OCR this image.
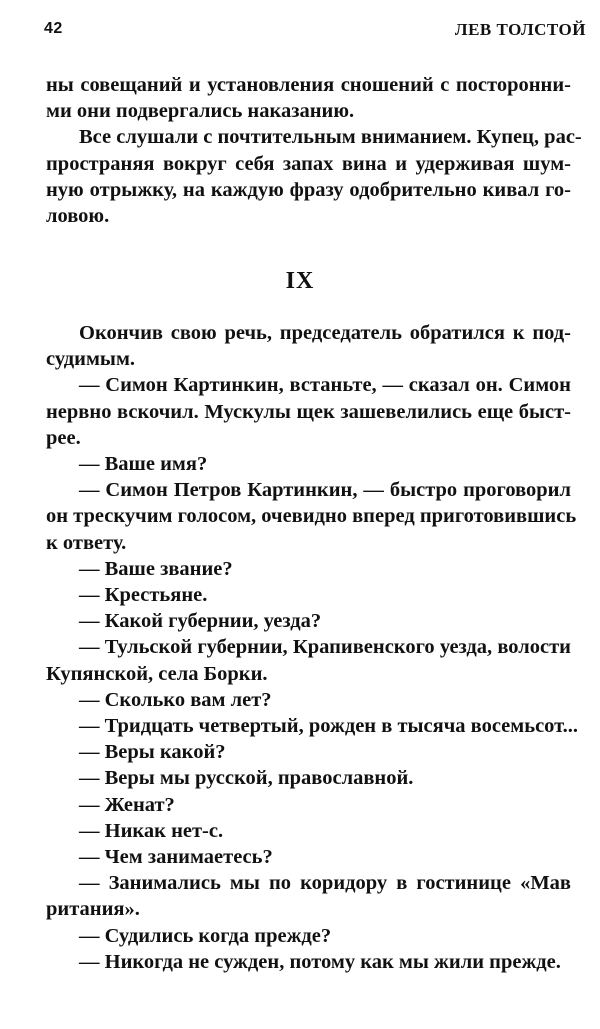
42	ЛЕВ ТОЛСТОЙ
ны совещаний и установления сношений с посторонни-
ми они подвергались наказанию.
Все слушали с почтительным вниманием. Купец, рас-
пространяя вокруг себя запах вина и удерживая шум-
ную отрыжку, на каждую фразу одобрительно кивал го-
ловою.
IX
Окончив свою речь, председатель обратился к под-
судимым.
— Симон Картинкин, встаньте, — сказал он. Симон
нервно вскочил. Мускулы щек зашевелились еще быст-
рее.
— Ваше имя?
— Симон Петров Картинкин, — быстро проговорил
он трескучим голосом, очевидно вперед приготовившись
к ответу.
— Ваше звание?
— Крестьяне.
— Какой губернии, уезда?
— Тульской губернии, Крапивенского уезда, волости
Купянской, села Борки.
— Сколько вам лет?
— Тридцать четвертый, рожден в тысяча восемьсот...
— Веры какой?
— Веры мы русской, православной.
— Женат?
— Никак нет-с.
— Чем занимаетесь?
— Занимались мы по коридору в гостинице «Мав
ритания».
— Судились когда прежде?
— Никогда не сужден, потому как мы жили прежде.
